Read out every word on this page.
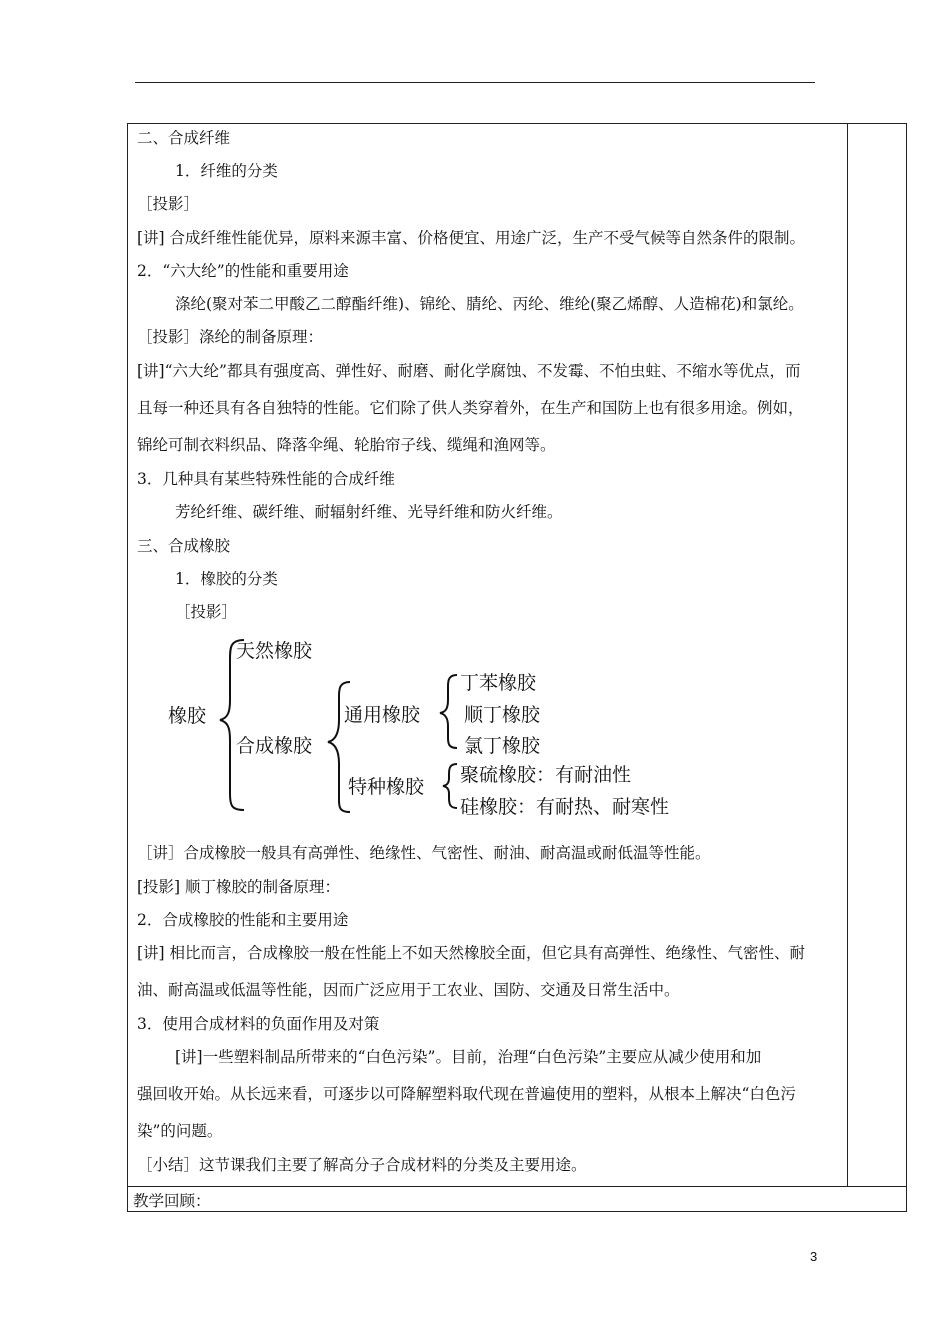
二、合成纤维
1．纤维的分类
［投影］
[讲] 合成纤维性能优异，原料来源丰富、价格便宜、用途广泛，生产不受气候等自然条件的限制。
2．“六大纶”的性能和重要用途
涤纶(聚对苯二甲酸乙二醇酯纤维)、锦纶、腈纶、丙纶、维纶(聚乙烯醇、人造棉花)和氯纶。
［投影］涤纶的制备原理：
[讲]“六大纶”都具有强度高、弹性好、耐磨、耐化学腐蚀、不发霉、不怕虫蛀、不缩水等优点，而
且每一种还具有各自独特的性能。它们除了供人类穿着外，在生产和国防上也有很多用途。例如，
锦纶可制衣料织品、降落伞绳、轮胎帘子线、缆绳和渔网等。
3．几种具有某些特殊性能的合成纤维
芳纶纤维、碳纤维、耐辐射纤维、光导纤维和防火纤维。
三、合成橡胶
1．橡胶的分类
［投影］
天然橡胶
橡胶
合成橡胶
通用橡胶
特种橡胶
丁苯橡胶
顺丁橡胶
氯丁橡胶
聚硫橡胶：有耐油性
硅橡胶：有耐热、耐寒性
［讲］合成橡胶一般具有高弹性、绝缘性、气密性、耐油、耐高温或耐低温等性能。
[投影] 顺丁橡胶的制备原理：
2．合成橡胶的性能和主要用途
[讲] 相比而言，合成橡胶一般在性能上不如天然橡胶全面，但它具有高弹性、绝缘性、气密性、耐
油、耐高温或低温等性能，因而广泛应用于工农业、国防、交通及日常生活中。
3．使用合成材料的负面作用及对策
[讲]一些塑料制品所带来的“白色污染”。目前，治理“白色污染”主要应从减少使用和加
强回收开始。从长远来看，可逐步以可降解塑料取代现在普遍使用的塑料，从根本上解决“白色污
染”的问题。
［小结］这节课我们主要了解高分子合成材料的分类及主要用途。
教学回顾：
3
